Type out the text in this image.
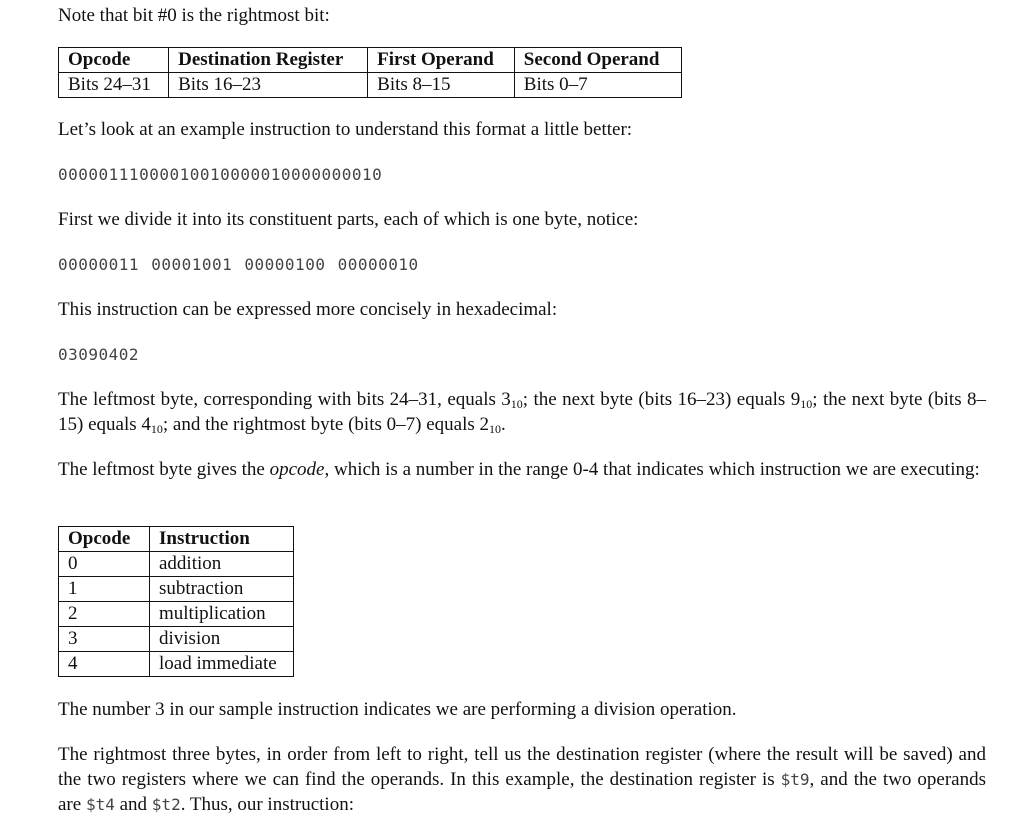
Note that bit #0 is the rightmost bit:

Opcode	Destination Register	First Operand	Second Operand
Bits 24–31	Bits 16–23	Bits 8–15	Bits 0–7

Let’s look at an example instruction to understand this format a little better:

00000111000010010000010000000010

First we divide it into its constituent parts, each of which is one byte, notice:

00000011 00001001 00000100 00000010

This instruction can be expressed more concisely in hexadecimal:

03090402

The leftmost byte, corresponding with bits 24–31, equals $3_{10}$; the next byte (bits 16–23) equals $9_{10}$; the next byte (bits 8–15) equals $4_{10}$; and the rightmost byte (bits 0–7) equals $2_{10}$.

The leftmost byte gives the opcode, which is a number in the range 0-4 that indicates which instruction we are executing:

Opcode	Instruction
0	addition
1	subtraction
2	multiplication
3	division
4	load immediate

The number 3 in our sample instruction indicates we are performing a division operation.

The rightmost three bytes, in order from left to right, tell us the destination register (where the result will be saved) and the two registers where we can find the operands. In this example, the destination register is $t9, and the two operands are $t4 and $t2. Thus, our instruction:
